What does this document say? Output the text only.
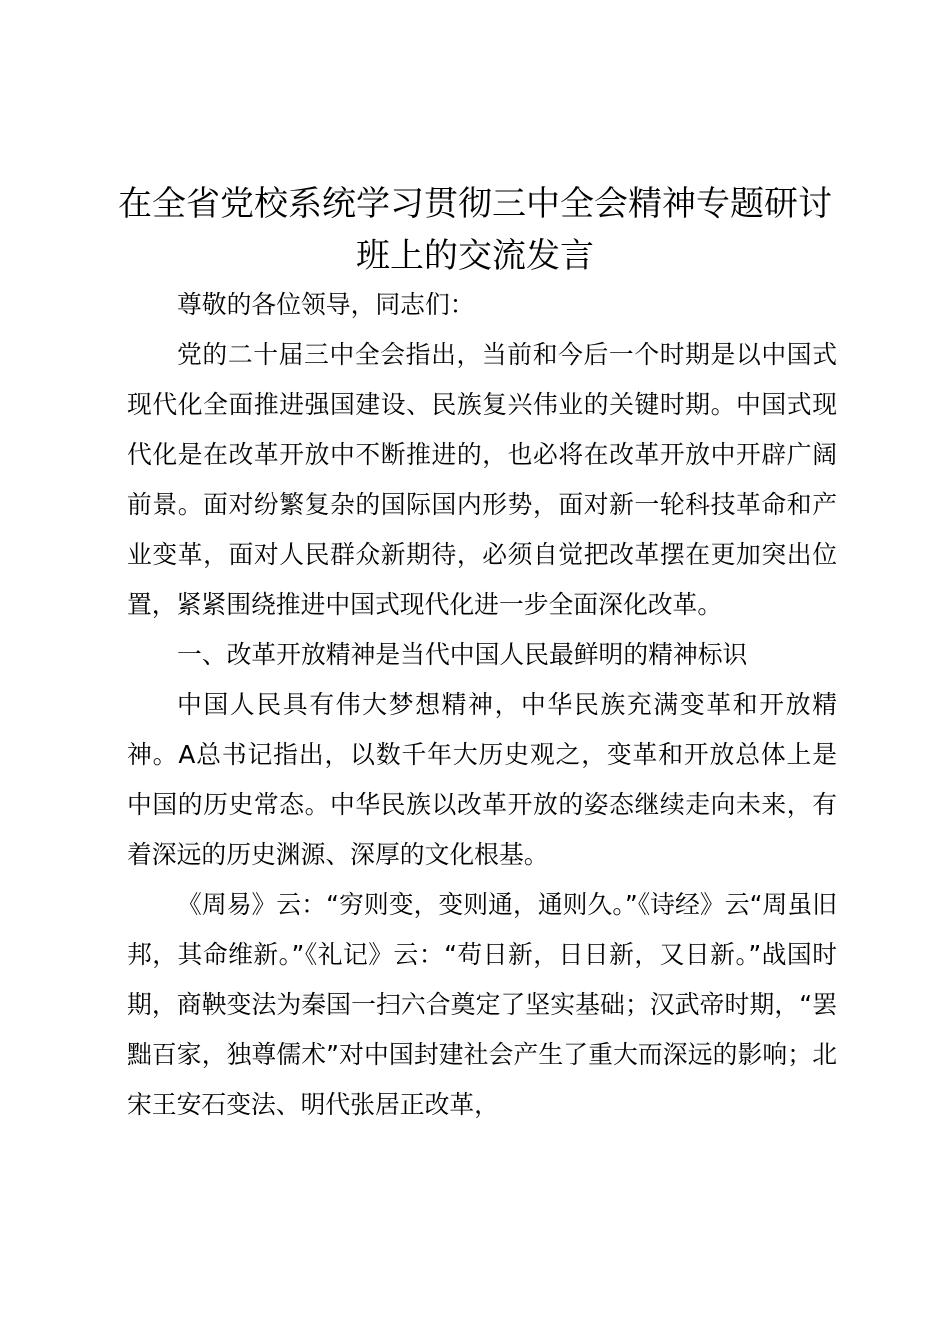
在全省党校系统学习贯彻三中全会精神专题研讨班上的交流发言

尊敬的各位领导，同志们：

党的二十届三中全会指出，当前和今后一个时期是以中国式现代化全面推进强国建设、民族复兴伟业的关键时期。中国式现代化是在改革开放中不断推进的，也必将在改革开放中开辟广阔前景。面对纷繁复杂的国际国内形势，面对新一轮科技革命和产业变革，面对人民群众新期待，必须自觉把改革摆在更加突出位置，紧紧围绕推进中国式现代化进一步全面深化改革。

一、改革开放精神是当代中国人民最鲜明的精神标识

中国人民具有伟大梦想精神，中华民族充满变革和开放精神。A总书记指出，以数千年大历史观之，变革和开放总体上是中国的历史常态。中华民族以改革开放的姿态继续走向未来，有着深远的历史渊源、深厚的文化根基。

《周易》云：“穷则变，变则通，通则久。”《诗经》云“周虽旧邦，其命维新。”《礼记》云：“苟日新，日日新，又日新。”战国时期，商鞅变法为秦国一扫六合奠定了坚实基础；汉武帝时期，“罢黜百家，独尊儒术”对中国封建社会产生了重大而深远的影响；北宋王安石变法、明代张居正改革，
